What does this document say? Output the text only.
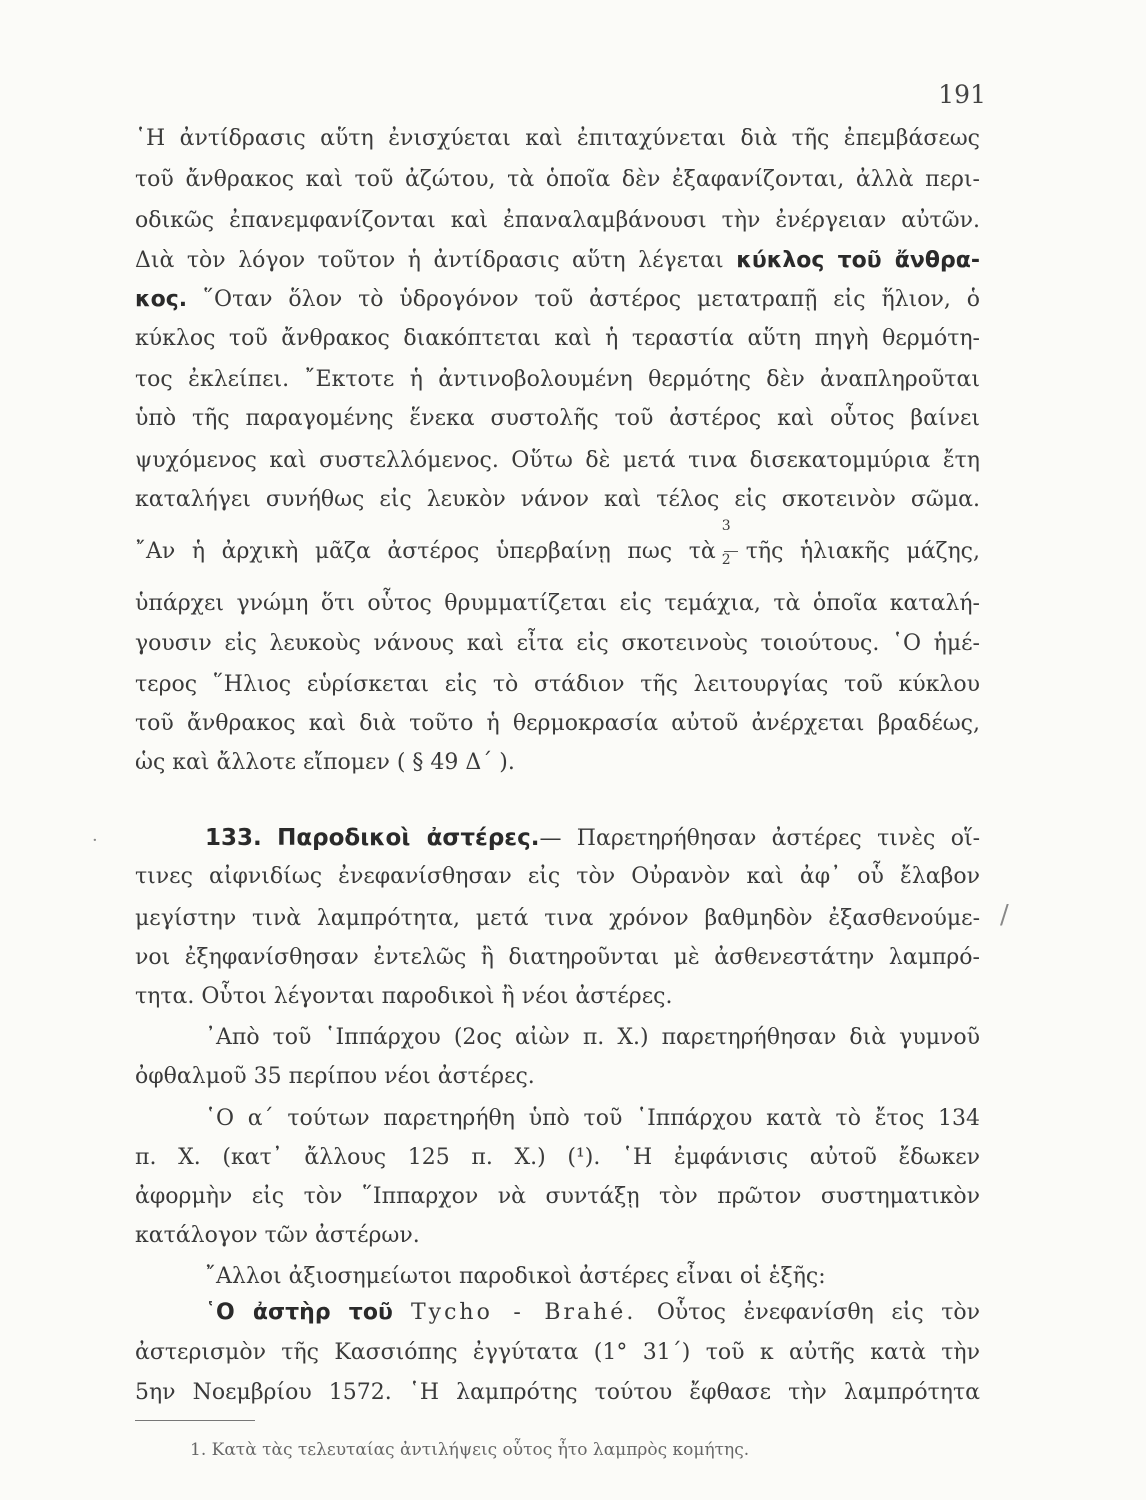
191
῾Η ἀντίδρασις αὕτη ἐνισχύεται καὶ ἐπιταχύνεται διὰ τῆς ἐπεμβάσεως
τοῦ ἄνθρακος καὶ τοῦ ἀζώτου, τὰ ὁποῖα δὲν ἐξαφανίζονται, ἀλλὰ περι-
οδικῶς ἐπανεμφανίζονται καὶ ἐπαναλαμβάνουσι τὴν ἐνέργειαν αὐτῶν.
Διὰ τὸν λόγον τοῦτον ἡ ἀντίδρασις αὕτη λέγεται κύκλος τοῦ ἄνθρα-
κος. ῞Οταν ὅλον τὸ ὑδρογόνον τοῦ ἀστέρος μετατραπῇ εἰς ἥλιον, ὁ
κύκλος τοῦ ἄνθρακος διακόπτεται καὶ ἡ τεραστία αὕτη πηγὴ θερμότη-
τος ἐκλείπει. ῎Εκτοτε ἡ ἀντινοβολουμένη θερμότης δὲν ἀναπληροῦται
ὑπὸ τῆς παραγομένης ἕνεκα συστολῆς τοῦ ἀστέρος καὶ οὗτος βαίνει
ψυχόμενος καὶ συστελλόμενος. Οὕτω δὲ μετά τινα δισεκατομμύρια ἔτη
καταλήγει συνήθως εἰς λευκὸν νάνον καὶ τέλος εἰς σκοτεινὸν σῶμα.
῎Αν ἡ ἀρχικὴ μᾶζα ἀστέρος ὑπερβαίνῃ πως τὰ $\frac{3}{2}$ τῆς ἡλιακῆς μάζης,
ὑπάρχει γνώμη ὅτι οὗτος θρυμματίζεται εἰς τεμάχια, τὰ ὁποῖα καταλή-
γουσιν εἰς λευκοὺς νάνους καὶ εἶτα εἰς σκοτεινοὺς τοιούτους. ῾Ο ἡμέ-
τερος ῞Ηλιος εὑρίσκεται εἰς τὸ στάδιον τῆς λειτουργίας τοῦ κύκλου
τοῦ ἄνθρακος καὶ διὰ τοῦτο ἡ θερμοκρασία αὐτοῦ ἀνέρχεται βραδέως,
ὡς καὶ ἄλλοτε εἴπομεν ( § 49 Δ΄ ).
·	133. Παροδικοὶ ἀστέρες.— Παρετηρήθησαν ἀστέρες τινὲς οἵ-
τινες αἰφνιδίως ἐνεφανίσθησαν εἰς τὸν Οὐρανὸν καὶ ἀφ᾽ οὗ ἔλαβον
μεγίστην τινὰ λαμπρότητα, μετά τινα χρόνον βαθμηδὸν ἐξασθενούμε-
νοι ἐξηφανίσθησαν ἐντελῶς ἢ διατηροῦνται μὲ ἀσθενεστάτην λαμπρό-
τητα. Οὗτοι λέγονται παροδικοὶ ἢ νέοι ἀστέρες.
/
᾿Απὸ τοῦ ῾Ιππάρχου (2ος αἰὼν π. Χ.) παρετηρήθησαν διὰ γυμνοῦ
ὀφθαλμοῦ 35 περίπου νέοι ἀστέρες.
῾Ο α΄ τούτων παρετηρήθη ὑπὸ τοῦ ῾Ιππάρχου κατὰ τὸ ἔτος 134
π. Χ. (κατ᾽ ἄλλους 125 π. Χ.) (¹). ῾Η ἐμφάνισις αὐτοῦ ἔδωκεν
ἀφορμὴν εἰς τὸν ῞Ιππαρχον νὰ συντάξῃ τὸν πρῶτον συστηματικὸν
κατάλογον τῶν ἀστέρων.
῎Αλλοι ἀξιοσημείωτοι παροδικοὶ ἀστέρες εἶναι οἱ ἑξῆς:
1. Κατὰ τὰς τελευταίας ἀντιλήψεις οὗτος ἦτο λαμπρὸς κομήτης.
῾Ο ἀστὴρ τοῦ Tycho - Brahé. Οὗτος ἐνεφανίσθη εἰς τὸν
ἀστερισμὸν τῆς Κασσιόπης ἐγγύτατα (1° 31΄) τοῦ κ αὐτῆς κατὰ τὴν
5ην Νοεμβρίου 1572. ῾Η λαμπρότης τούτου ἔφθασε τὴν λαμπρότητα
